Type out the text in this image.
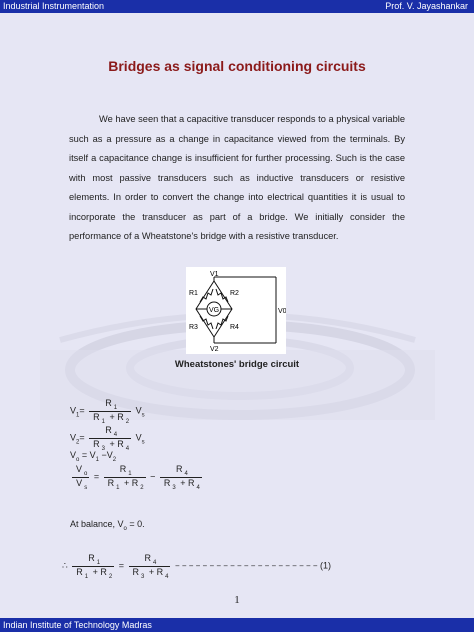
Industrial Instrumentation	Prof. V. Jayashankar
Bridges as signal conditioning circuits
We have seen that a capacitive transducer responds to a physical variable such as a pressure as a change in capacitance viewed from the terminals. By itself a capacitance change is insufficient for further processing. Such is the case with most passive transducers such as inductive transducers or resistive elements. In order to convert the change into electrical quantities it is usual to incorporate the transducer as part of a bridge. We initially consider the performance of a Wheatstone's bridge with a resistive transducer.
V1
R1	R2
R3	R4
VG	V0
V2
Wheatstones' bridge circuit
$V_1= \frac{R _1}{R _1 + R _2} V_s$
$V_2= \frac{R _4}{R _3 + R _4} V_s$
$V_o = V_1 -V_2$
$\frac{V _o}{V _s} = \frac{R _1}{R _1 + R _2} - \frac{R _4}{R _3 + R _4}$
At balance, $V_o = 0$.
∴ $\frac{R _1}{R _1 + R _2} = \frac{R _4}{R _3 + R _4}$ − − − − − − − − − − − − − − − − − − − − − (1)
1
Indian Institute of Technology Madras
